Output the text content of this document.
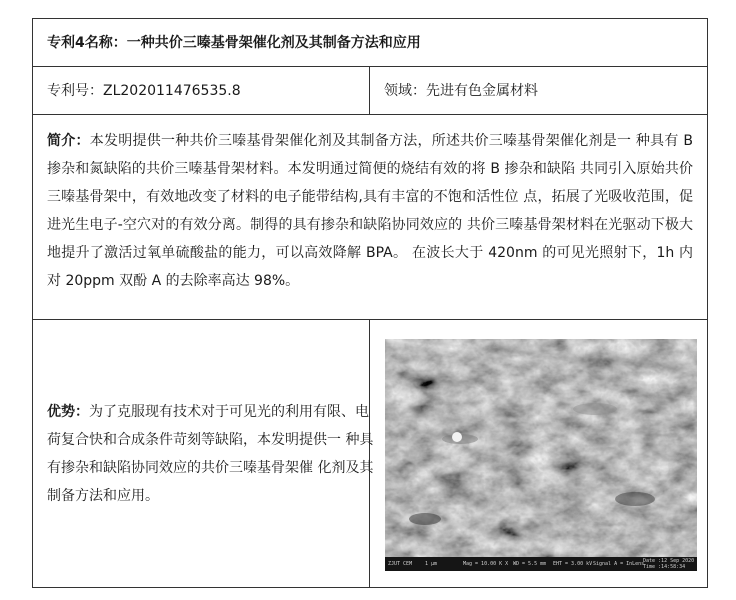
专利4名称：一种共价三嗪基骨架催化剂及其制备方法和应用
专利号：ZL202011476535.8	领域：先进有色金属材料
简介：本发明提供一种共价三嗪基骨架催化剂及其制备方法，所述共价三嗪基骨架催化剂是一 种具有 B 掺杂和氮缺陷的共价三嗪基骨架材料。本发明通过简便的烧结有效的将 B 掺杂和缺陷 共同引入原始共价三嗪基骨架中，有效地改变了材料的电子能带结构,具有丰富的不饱和活性位 点，拓展了光吸收范围，促进光生电子-空穴对的有效分离。制得的具有掺杂和缺陷协同效应的 共价三嗪基骨架材料在光驱动下极大地提升了激活过氧单硫酸盐的能力，可以高效降解 BPA。 在波长大于 420nm 的可见光照射下，1h 内对 20ppm 双酚 A 的去除率高达 98%。
优势：为了克服现有技术对于可见光的利用有限、电荷复合快和合成条件苛刻等缺陷，本发明提供一 种具有掺杂和缺陷协同效应的共价三嗪基骨架催 化剂及其制备方法和应用。
ZJUT CEM	1 μm	Mag = 10.00 K X WD = 5.5 mm EHT = 3.00 kV Signal A = InLens
Date :12 Sep 2020
Time :14:58:34
